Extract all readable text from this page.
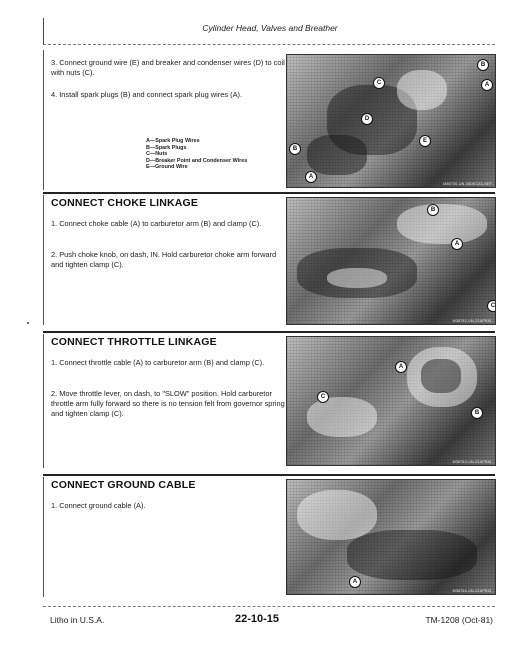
Cylinder Head, Valves and Breather
3. Connect ground wire (E) and breaker and condenser wires (D) to coil with nuts (C).
4. Install spark plugs (B) and connect spark plug wires (A).
A—Spark Plug Wires
B—Spark Plugs
C—Nuts
D—Breaker Point and Condenser Wires
E—Ground Wire
B
A
C
D
E
B
A
M85730-UN-05DEC83-NEF
CONNECT CHOKE LINKAGE
1. Connect choke cable (A) to carburetor arm (B) and clamp (C).
2. Push choke knob, on dash, IN. Hold carburetor choke arm forward and tighten clamp (C).
B
A
C
M38762-UN-22APR81
CONNECT THROTTLE LINKAGE
1. Connect throttle cable (A) to carburetor arm (B) and clamp (C).
2. Move throttle lever, on dash, to "SLOW" position. Hold carburetor throttle arm fully forward so there is no tension felt from governor spring and tighten clamp (C).
A
C
B
M38763-UN-22APR81
CONNECT GROUND CABLE
1. Connect ground cable (A).
A
M38764-UN-22APR81
Litho in U.S.A.	22-10-15	TM-1208 (Oct-81)
